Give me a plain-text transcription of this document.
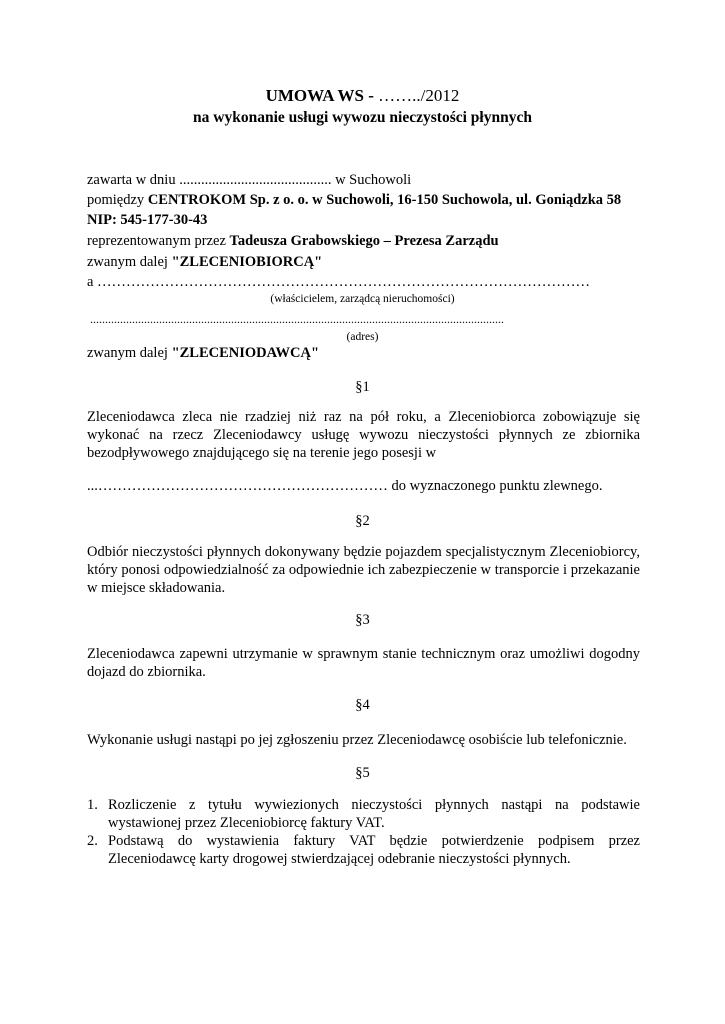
UMOWA WS - ……../2012
na wykonanie usługi wywozu nieczystości płynnych
zawarta w dniu .......................................... w Suchowoli
pomiędzy CENTROKOM Sp. z o. o. w Suchowoli, 16-150 Suchowola, ul. Goniądzka 58
NIP: 545-177-30-43
reprezentowanym przez Tadeusza Grabowskiego – Prezesa Zarządu
zwanym dalej "ZLECENIOBIORCĄ"
a …………………………………………………………………………………………
(właścicielem, zarządcą nieruchomości)
..........................................................................................................................................
(adres)
zwanym dalej "ZLECENIODAWCĄ"
§1
Zleceniodawca zleca nie rzadziej niż raz na pół roku, a Zleceniobiorca zobowiązuje się wykonać na rzecz Zleceniodawcy usługę wywozu nieczystości płynnych ze zbiornika bezodpływowego znajdującego się na terenie jego posesji w
...…………………………………………………… do wyznaczonego punktu zlewnego.
§2
Odbiór nieczystości płynnych dokonywany będzie pojazdem specjalistycznym Zleceniobiorcy, który ponosi odpowiedzialność za odpowiednie ich zabezpieczenie w transporcie i przekazanie w miejsce składowania.
§3
Zleceniodawca zapewni utrzymanie w sprawnym stanie technicznym oraz umożliwi dogodny dojazd do zbiornika.
§4
Wykonanie usługi nastąpi po jej zgłoszeniu przez Zleceniodawcę osobiście lub telefonicznie.
§5
1. Rozliczenie z tytułu wywiezionych nieczystości płynnych nastąpi na podstawie wystawionej przez Zleceniobiorcę faktury VAT.
2. Podstawą do wystawienia faktury VAT będzie potwierdzenie podpisem przez Zleceniodawcę karty drogowej stwierdzającej odebranie nieczystości płynnych.
